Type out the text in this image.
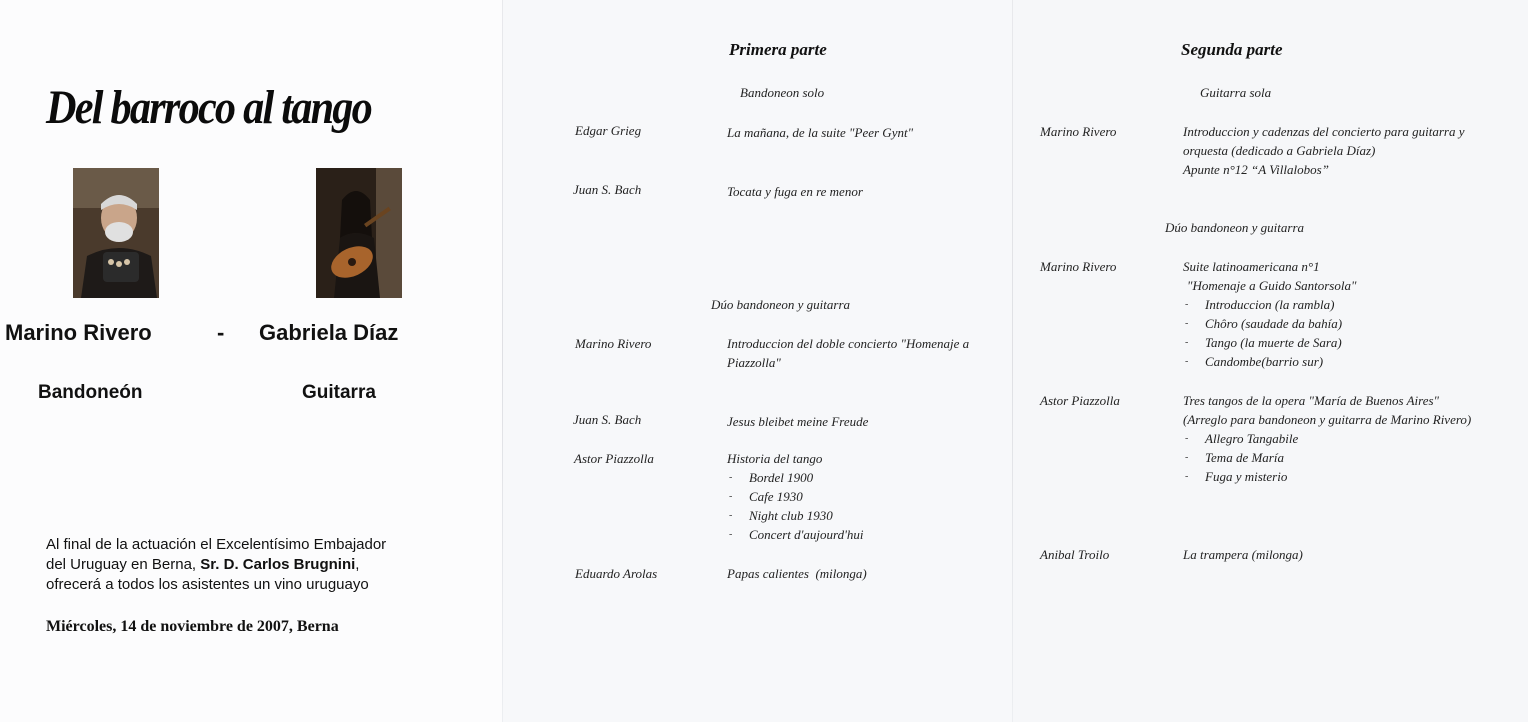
Del barroco al tango
Marino Rivero	- Gabriela Díaz
Bandoneón	Guitarra
Al final de la actuación el Excelentísimo Embajador
del Uruguay en Berna, Sr. D. Carlos Brugnini,
ofrecerá a todos los asistentes un vino uruguayo
Miércoles, 14 de noviembre de 2007, Berna
Primera parte
Bandoneon solo
Edgar Grieg	La mañana, de la suite "Peer Gynt"
Juan S. Bach	Tocata y fuga en re menor
Dúo bandoneon y guitarra
Marino Rivero	Introduccion del doble concierto "Homenaje a Piazzolla"
Juan S. Bach	Jesus bleibet meine Freude
Astor Piazzolla	Historia del tango
- Bordel 1900
- Cafe 1930
- Night club 1930
- Concert d'aujourd'hui
Eduardo Arolas	Papas calientes  (milonga)
Segunda parte
Guitarra sola
Marino Rivero	Introduccion y cadenzas del concierto para guitarra y orquesta (dedicado a Gabriela Díaz)
Apunte n°12 “A Villalobos”
Dúo bandoneon y guitarra
Marino Rivero	Suite latinoamericana n°1
"Homenaje a Guido Santorsola"
- Introduccion (la rambla)
- Chôro (saudade da bahía)
- Tango (la muerte de Sara)
- Candombe(barrio sur)
Astor Piazzolla	Tres tangos de la opera "María de Buenos Aires"
(Arreglo para bandoneon y guitarra de Marino Rivero)
- Allegro Tangabile
- Tema de María
- Fuga y misterio
Anibal Troilo	La trampera (milonga)
